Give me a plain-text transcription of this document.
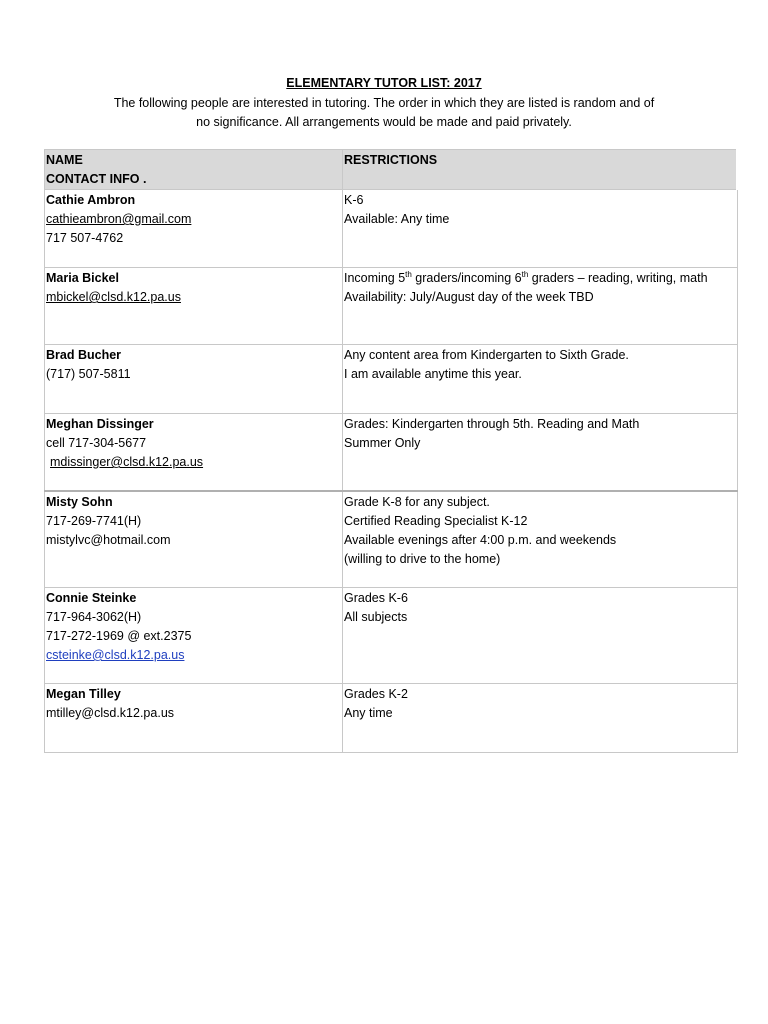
ELEMENTARY TUTOR LIST: 2017
The following people are interested in tutoring. The order in which they are listed is random and of
no significance. All arrangements would be made and paid privately.
NAME
CONTACT INFO .	RESTRICTIONS

Cathie Ambron
cathieambron@gmail.com
717 507-4762	K-6
Available: Any time

Maria Bickel
mbickel@clsd.k12.pa.us	Incoming 5th graders/incoming 6th graders – reading, writing, math
Availability: July/August day of the week TBD

Brad Bucher
(717) 507-5811	Any content area from Kindergarten to Sixth Grade.
I am available anytime this year.

Meghan Dissinger
cell 717-304-5677
mdissinger@clsd.k12.pa.us	Grades: Kindergarten through 5th. Reading and Math
Summer Only

Misty Sohn
717-269-7741(H)
mistylvc@hotmail.com	Grade K-8 for any subject.
Certified Reading Specialist K-12
Available evenings after 4:00 p.m. and weekends
(willing to drive to the home)

Connie Steinke
717-964-3062(H)
717-272-1969 @ ext.2375
csteinke@clsd.k12.pa.us	Grades K-6
All subjects

Megan Tilley
mtilley@clsd.k12.pa.us	Grades K-2
Any time
